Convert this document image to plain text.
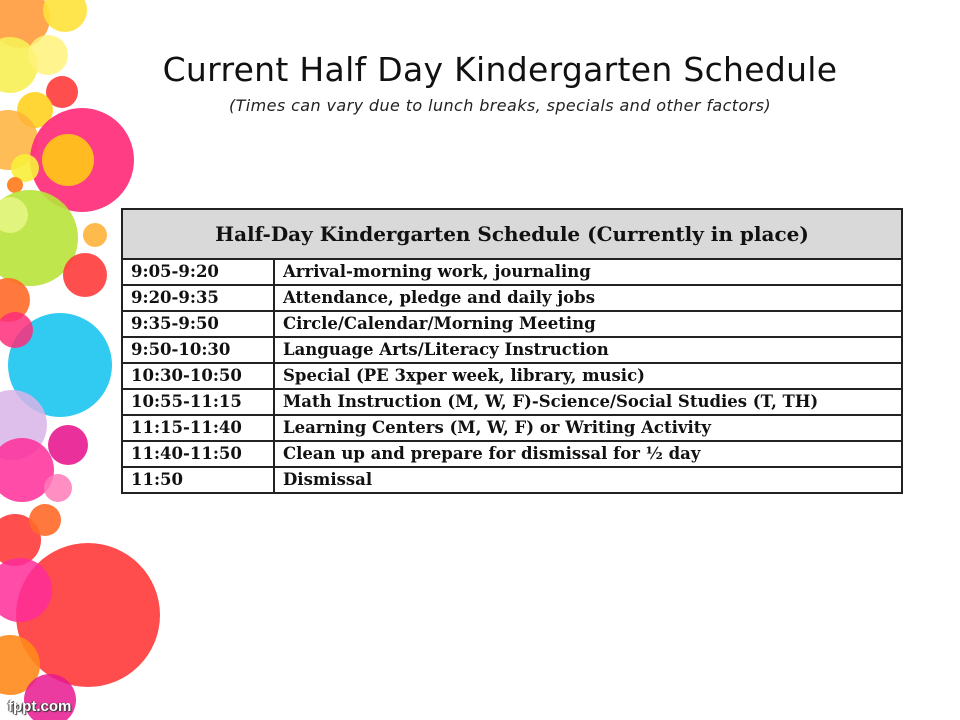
Current Half Day Kindergarten Schedule
(Times can vary due to lunch breaks, specials and other factors)
Half-Day Kindergarten Schedule (Currently in place)	
9:05-9:20	Arrival-morning work, journaling
9:20-9:35	Attendance, pledge and daily jobs
9:35-9:50	Circle/Calendar/Morning Meeting
9:50-10:30	Language Arts/Literacy Instruction
10:30-10:50	Special (PE 3xper week, library, music)
10:55-11:15	Math Instruction (M, W, F)-Science/Social Studies (T, TH)
11:15-11:40	Learning Centers (M, W, F) or Writing Activity
11:40-11:50	Clean up and prepare for dismissal for ½ day
11:50	Dismissal
fppt.com
